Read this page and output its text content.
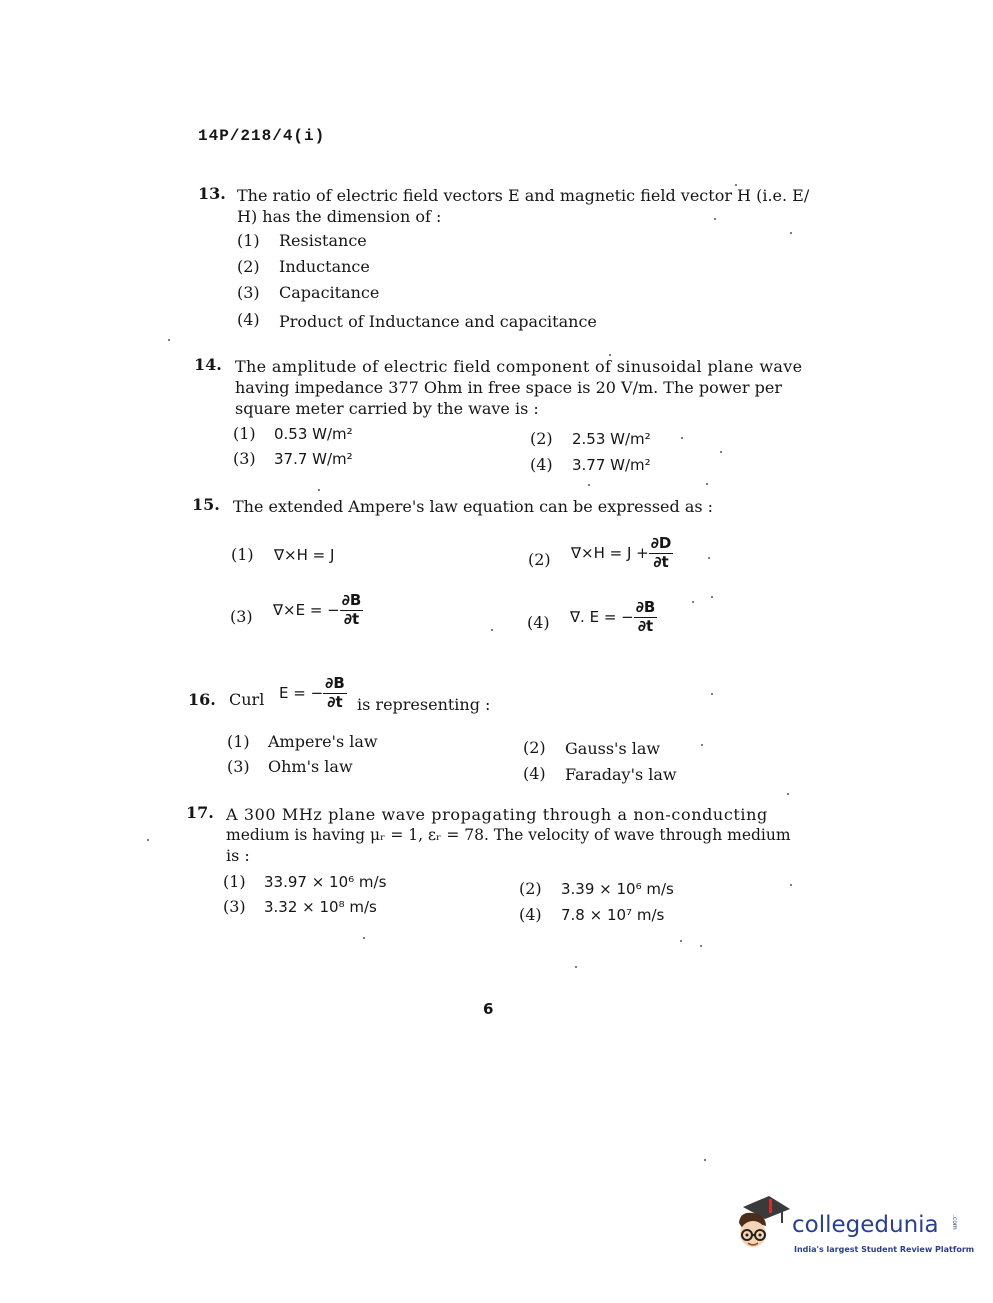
14P/218/4(i)
13. The ratio of electric field vectors E and magnetic field vector H (i.e. E/
H) has the dimension of :
(1) Resistance
(2) Inductance
(3) Capacitance
(4) Product of Inductance and capacitance
14. The amplitude of electric field component of sinusoidal plane wave
having impedance 377 Ohm in free space is 20 V/m. The power per
square meter carried by the wave is :
(1) 0.53 W/m²	(2) 2.53 W/m²
(3) 37.7 W/m²	(4) 3.77 W/m²
15. The extended Ampere's law equation can be expressed as :
(1) ∇×H = J	(2) $\nabla\times H = J + \frac{\partial D}{\partial t}$
(3) ∇×E = − $\frac{\partial B}{\partial t}$	(4) ∇. E = − $\frac{\partial B}{\partial t}$
16. Curl E = − $\frac{\partial B}{\partial t}$ is representing :
(1) Ampere's law	(2) Gauss's law
(3) Ohm's law	(4) Faraday's law
17. A 300 MHz plane wave propagating through a non-conducting
medium is having μᵣ = 1, εᵣ = 78. The velocity of wave through medium
is :
(1) 33.97 × 10⁶ m/s	(2) 3.39 × 10⁶ m/s
(3) 3.32 × 10⁸ m/s	(4) 7.8 × 10⁷ m/s
6
collegedunia .com
India's largest Student Review Platform
